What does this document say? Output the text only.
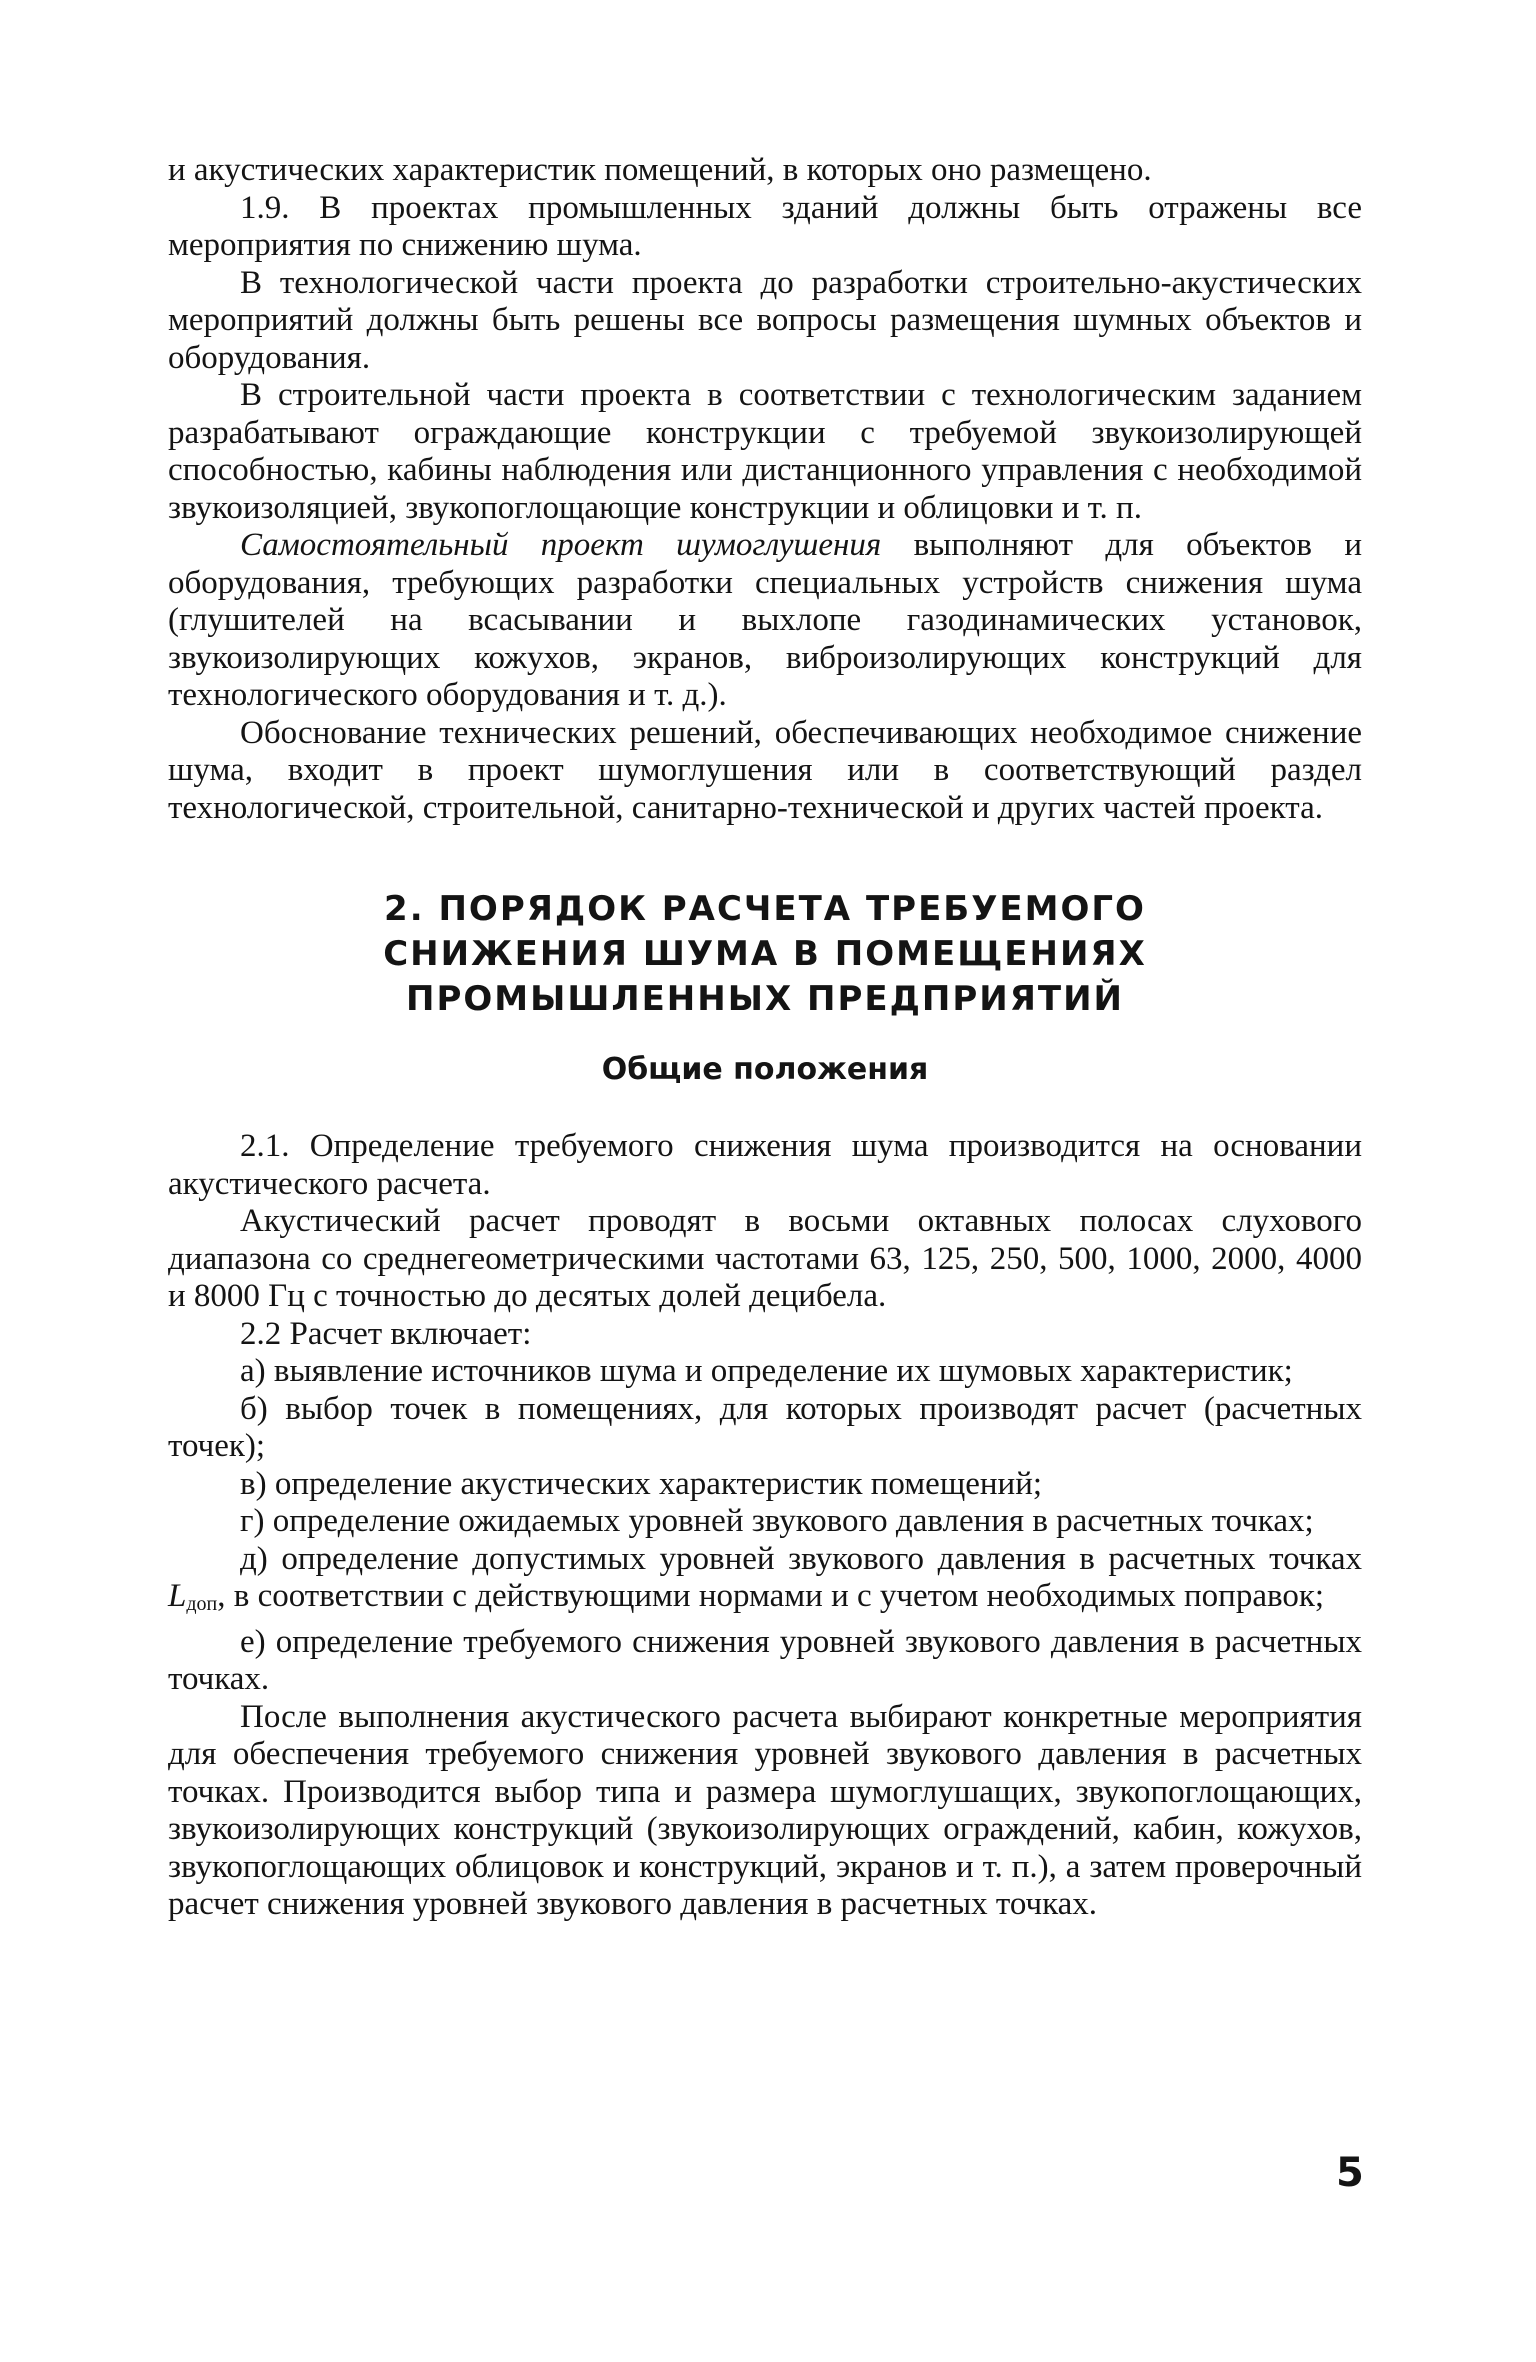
и акустических характеристик помещений, в которых оно размещено.

1.9. В проектах промышленных зданий должны быть отражены все мероприятия по снижению шума.

В технологической части проекта до разработки строительно-акустических мероприятий должны быть решены все вопросы размещения шумных объектов и оборудования.

В строительной части проекта в соответствии с технологическим заданием разрабатывают ограждающие конструкции с требуемой звукоизолирующей способностью, кабины наблюдения или дистанционного управления с необходимой звукоизоляцией, звукопоглощающие конструкции и облицовки и т. п.

Самостоятельный проект шумоглушения выполняют для объектов и оборудования, требующих разработки специальных устройств снижения шума (глушителей на всасывании и выхлопе газодинамических установок, звукоизолирующих кожухов, экранов, виброизолирующих конструкций для технологического оборудования и т. д.).

Обоснование технических решений, обеспечивающих необходимое снижение шума, входит в проект шумоглушения или в соответствующий раздел технологической, строительной, санитарно-технической и других частей проекта.

2. ПОРЯДОК РАСЧЕТА ТРЕБУЕМОГО
СНИЖЕНИЯ ШУМА В ПОМЕЩЕНИЯХ
ПРОМЫШЛЕННЫХ ПРЕДПРИЯТИЙ
Общие положения

2.1. Определение требуемого снижения шума производится на основании акустического расчета.

Акустический расчет проводят в восьми октавных полосах слухового диапазона со среднегеометрическими частотами 63, 125, 250, 500, 1000, 2000, 4000 и 8000 Гц с точностью до десятых долей децибела.

2.2 Расчет включает:

а) выявление источников шума и определение их шумовых характеристик;

б) выбор точек в помещениях, для которых производят расчет (расчетных точек);

в) определение акустических характеристик помещений;

г) определение ожидаемых уровней звукового давления в расчетных точках;

д) определение допустимых уровней звукового давления в расчетных точках $L_{доп}$, в соответствии с действующими нормами и с учетом необходимых поправок;

е) определение требуемого снижения уровней звукового давления в расчетных точках.

После выполнения акустического расчета выбирают конкретные мероприятия для обеспечения требуемого снижения уровней звукового давления в расчетных точках. Производится выбор типа и размера шумоглушащих, звукопоглощающих, звукоизолирующих конструкций (звукоизолирующих ограждений, кабин, кожухов, звукопоглощающих облицовок и конструкций, экранов и т. п.), а затем проверочный расчет снижения уровней звукового давления в расчетных точках.

5
